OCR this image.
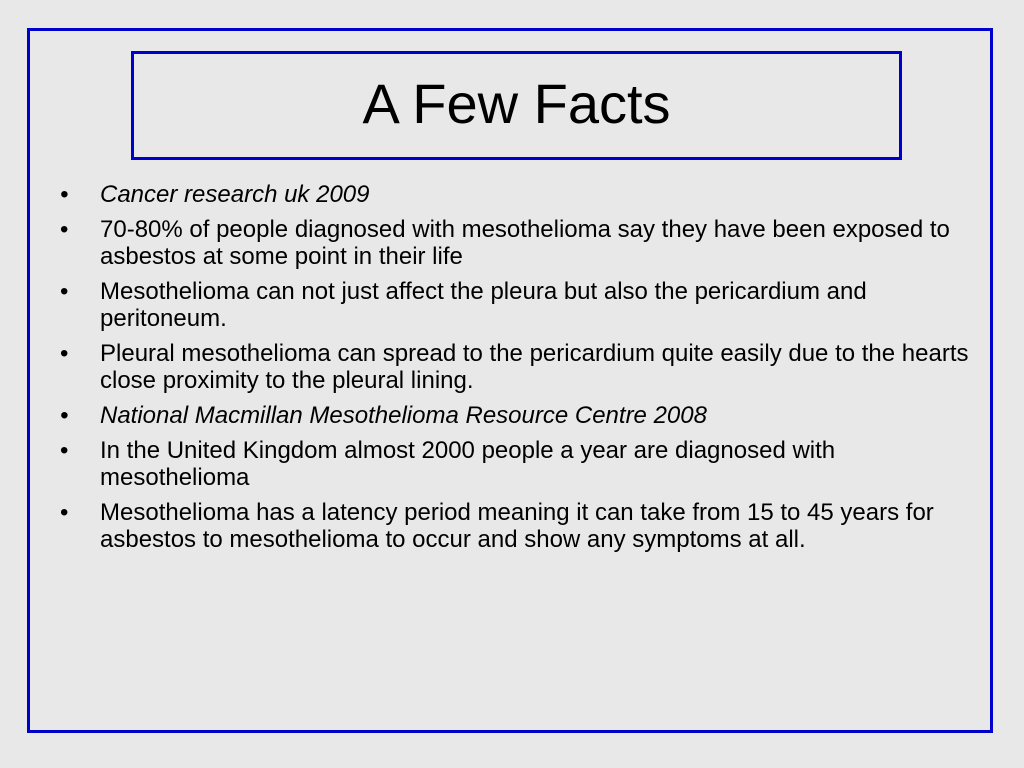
A Few Facts
•	Cancer research uk 2009
•	70-80% of people diagnosed with mesothelioma say they have been exposed to asbestos at some point in their life
•	Mesothelioma can not just affect the pleura but also the pericardium and peritoneum.
•	Pleural mesothelioma can spread to the pericardium quite easily due to the hearts close proximity to the pleural lining.
•	National Macmillan Mesothelioma Resource Centre 2008
•	In the United Kingdom almost 2000 people a year are diagnosed with mesothelioma
•	Mesothelioma has a latency period meaning it can take from 15 to 45 years for asbestos to mesothelioma to occur and show any symptoms at all.
